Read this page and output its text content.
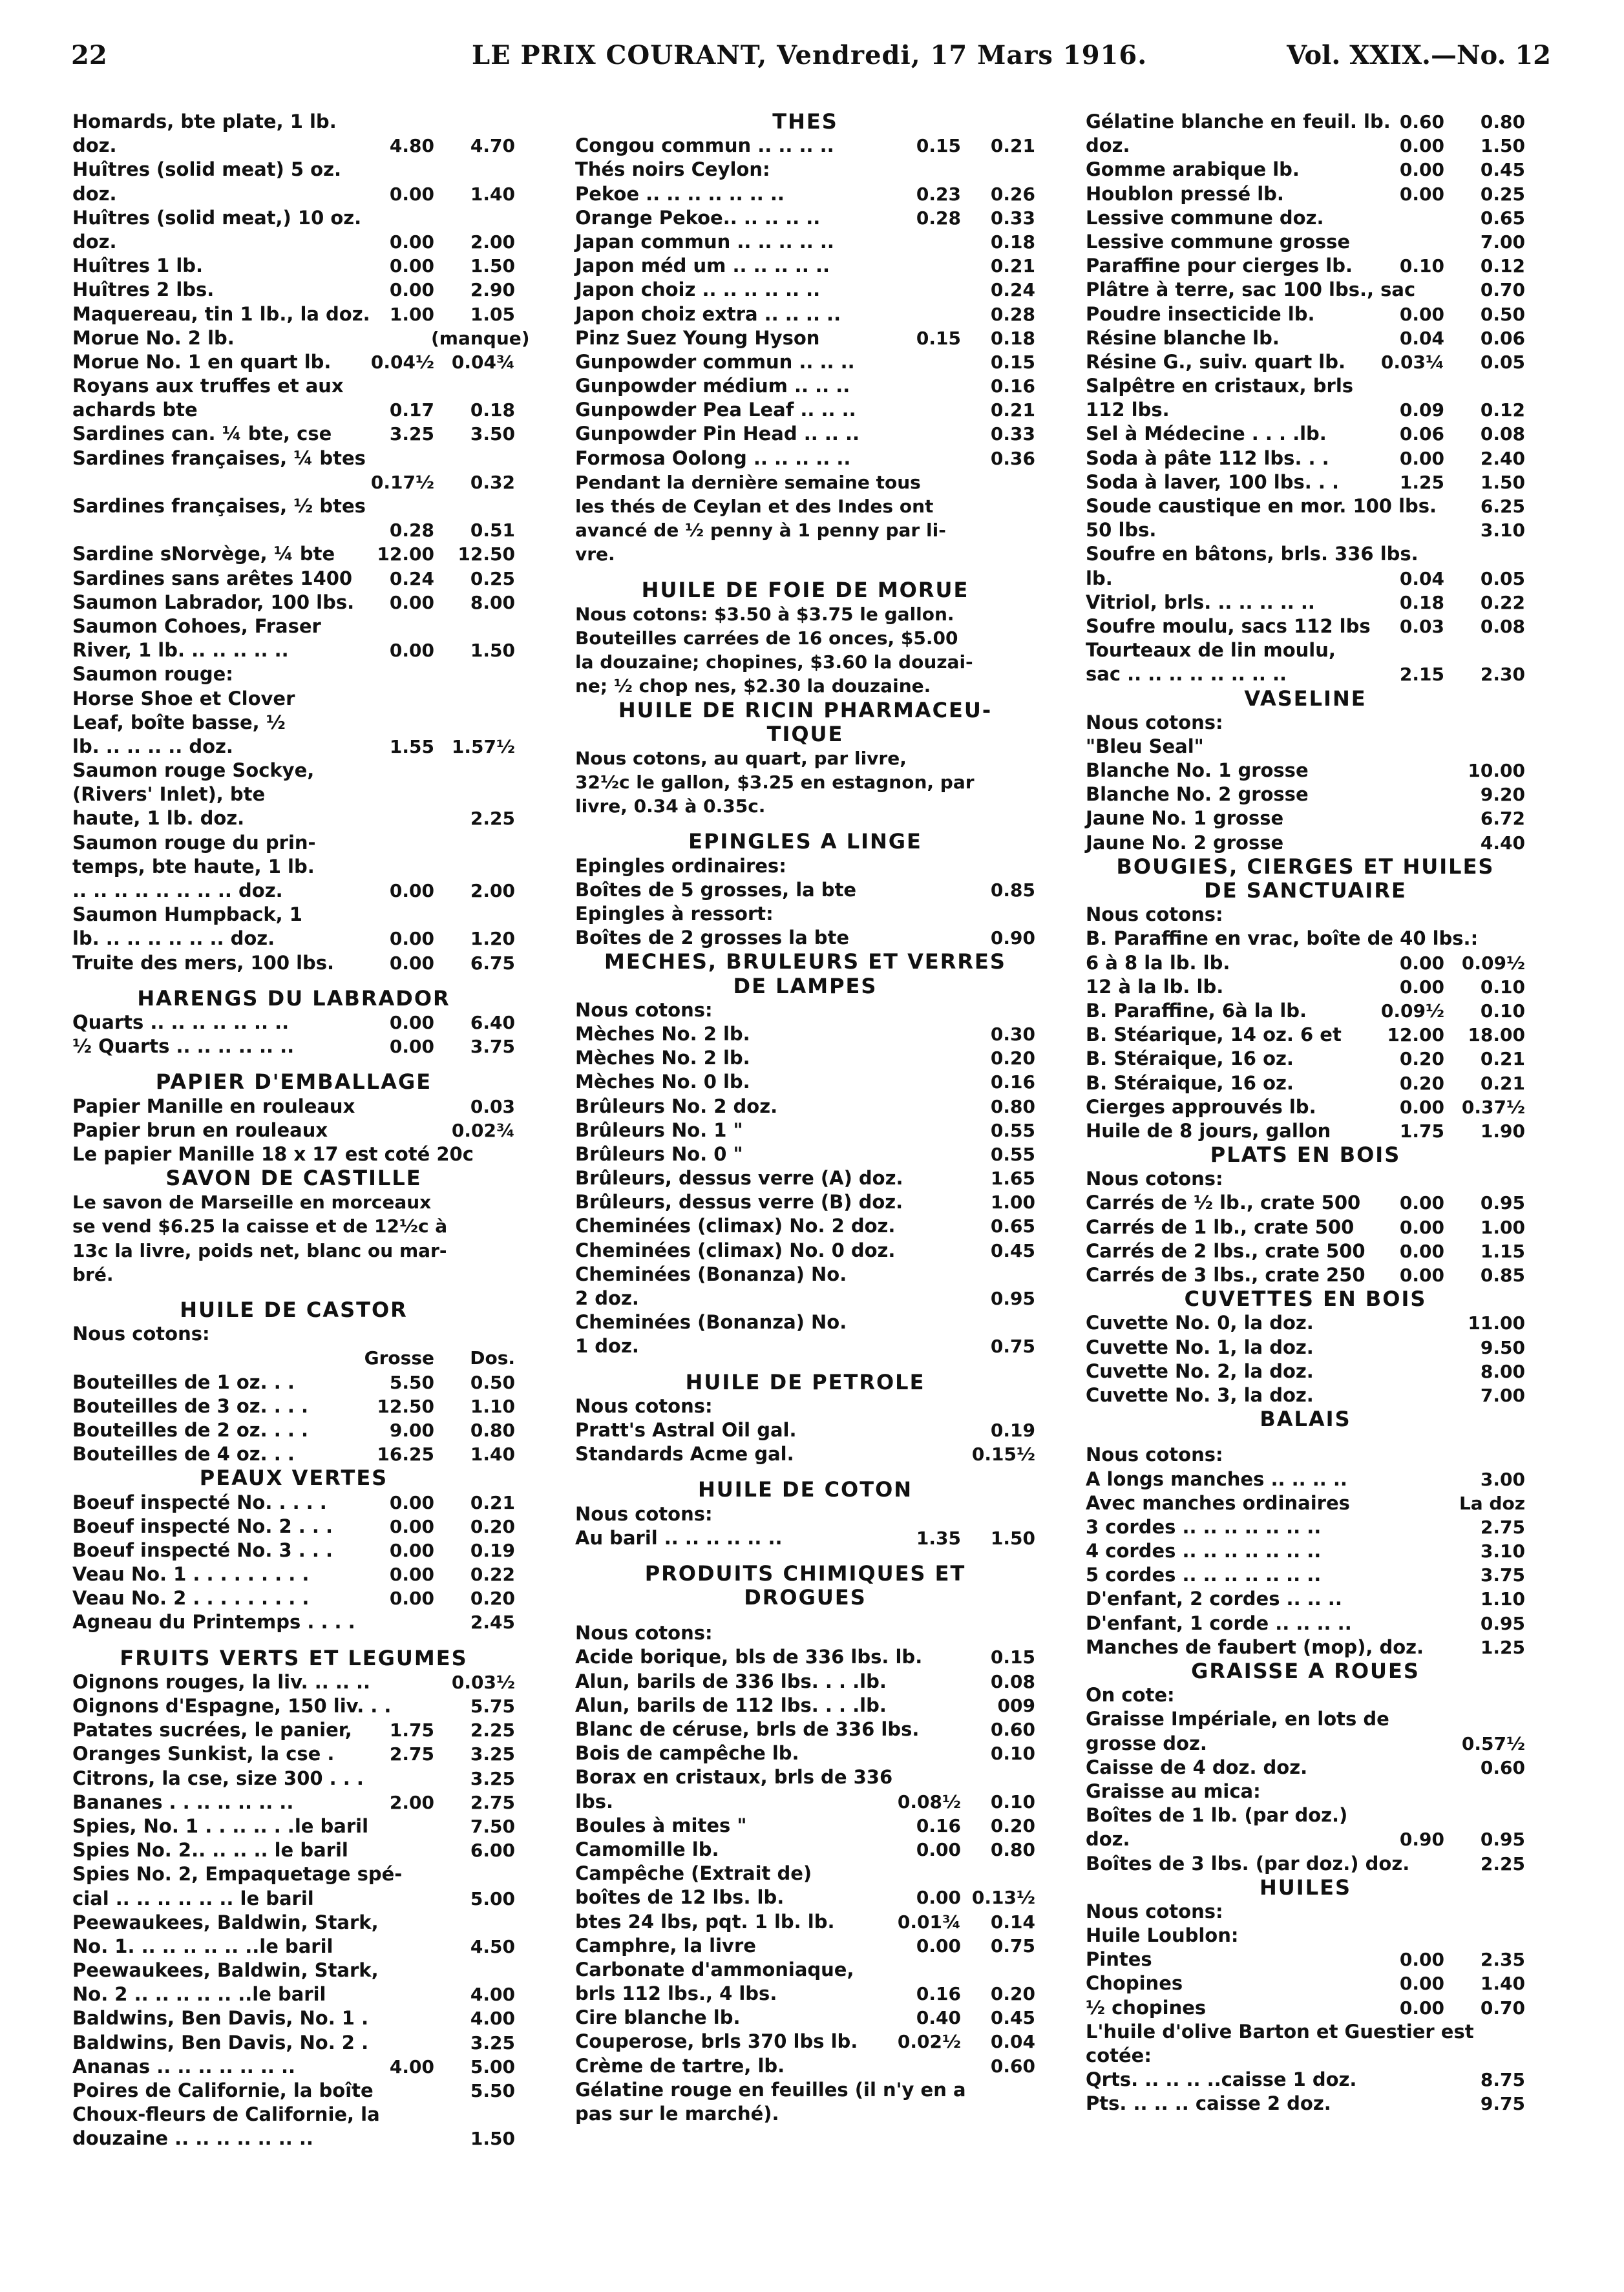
22	LE PRIX COURANT, Vendredi, 17 Mars 1916.	Vol. XXIX.—No. 12
Homards, bte plate, 1 lb.
doz.	4.80	4.70
Huîtres (solid meat) 5 oz.
doz.	0.00	1.40
Huîtres (solid meat,) 10 oz.
doz.	0.00	2.00
Huîtres 1 lb.	0.00	1.50
Huîtres 2 lbs.	0.00	2.90
Maquereau, tin 1 lb., la doz.	1.00	1.05
Morue No. 2 lb.	(manque)
Morue No. 1 en quart lb.	0.04½ 0.04¾
Royans aux truffes et aux
achards bte	0.17	0.18
Sardines can. ¼ bte, cse	3.25	3.50
Sardines françaises, ¼ btes
0.17½	0.32
Sardines françaises, ½ btes
0.28	0.51
Sardine sNorvège, ¼ bte	12.00	12.50
Sardines sans arêtes 1400	0.24	0.25
Saumon Labrador, 100 lbs.	0.00	8.00
Saumon Cohoes, Fraser
River, 1 lb. .. .. .. .. ..	0.00	1.50
Saumon rouge:
Horse Shoe et Clover
Leaf, boîte basse, ½
lb. .. .. .. .. doz.	1.55 1.57½
Saumon rouge Sockye,
(Rivers' Inlet), bte
haute, 1 lb. doz.	2.25
Saumon rouge du prin-
temps, bte haute, 1 lb.
.. .. .. .. .. .. .. .. doz.	0.00	2.00
Saumon Humpback, 1
lb. .. .. .. .. .. .. doz.	0.00	1.20
Truite des mers, 100 lbs.	0.00	6.75
HARENGS DU LABRADOR
Quarts .. .. .. .. .. .. ..	0.00	6.40
½ Quarts .. .. .. .. .. ..	0.00	3.75
PAPIER D'EMBALLAGE
Papier Manille en rouleaux	0.03
Papier brun en rouleaux	0.02¾
Le papier Manille 18 x 17 est coté 20c
SAVON DE CASTILLE
Le savon de Marseille en morceaux
se vend $6.25 la caisse et de 12½c à
13c la livre, poids net, blanc ou mar-
bré.
HUILE DE CASTOR
Nous cotons:
Grosse	Dos.
Bouteilles de 1 oz. . .	5.50	0.50
Bouteilles de 3 oz. . . .	12.50	1.10
Bouteilles de 2 oz. . . .	9.00	0.80
Bouteilles de 4 oz. . .	16.25	1.40
PEAUX VERTES
Boeuf inspecté No. . . . .	0.00	0.21
Boeuf inspecté No. 2 . . .	0.00	0.20
Boeuf inspecté No. 3 . . .	0.00	0.19
Veau No. 1 . . . . . . . . .	0.00	0.22
Veau No. 2 . . . . . . . . .	0.00	0.20
Agneau du Printemps . . . .	2.45
FRUITS VERTS ET LEGUMES
Oignons rouges, la liv. .. .. ..	0.03½
Oignons d'Espagne, 150 liv. . .	5.75
Patates sucrées, le panier,	1.75	2.25
Oranges Sunkist, la cse .	2.75	3.25
Citrons, la cse, size 300 . . .	3.25
Bananes . . .. .. .. .. ..	2.00	2.75
Spies, No. 1 . . .. .. . .le baril	7.50
Spies No. 2.. .. .. .. le baril	6.00
Spies No. 2, Empaquetage spé-
cial .. .. .. .. .. .. le baril	5.00
Peewaukees, Baldwin, Stark,
No. 1. .. .. .. .. .. ..le baril	4.50
Peewaukees, Baldwin, Stark,
No. 2 .. .. .. .. .. ..le baril	4.00
Baldwins, Ben Davis, No. 1 .	4.00
Baldwins, Ben Davis, No. 2 .	3.25
Ananas .. .. .. .. .. .. ..	4.00	5.00
Poires de Californie, la boîte	5.50
Choux-fleurs de Californie, la
douzaine .. .. .. .. .. .. ..	1.50
THES
Congou commun .. .. .. ..	0.15	0.21
Thés noirs Ceylon:
Pekoe .. .. .. .. .. .. ..	0.23	0.26
Orange Pekoe.. .. .. .. ..	0.28	0.33
Japan commun .. .. .. .. ..	0.18
Japon méd um .. .. .. .. ..	0.21
Japon choiz .. .. .. .. .. ..	0.24
Japon choiz extra .. .. .. ..	0.28
Pinz Suez Young Hyson	0.15	0.18
Gunpowder commun .. .. ..	0.15
Gunpowder médium .. .. ..	0.16
Gunpowder Pea Leaf .. .. ..	0.21
Gunpowder Pin Head .. .. ..	0.33
Formosa Oolong .. .. .. .. ..	0.36
Pendant la dernière semaine tous
les thés de Ceylan et des Indes ont
avancé de ½ penny à 1 penny par li-
vre.
HUILE DE FOIE DE MORUE
Nous cotons: $3.50 à $3.75 le gallon.
Bouteilles carrées de 16 onces, $5.00
la douzaine; chopines, $3.60 la douzai-
ne; ½ chop nes, $2.30 la douzaine.
HUILE DE RICIN PHARMACEU-
TIQUE
Nous cotons, au quart, par livre,
32½c le gallon, $3.25 en estagnon, par
livre, 0.34 à 0.35c.
EPINGLES A LINGE
Epingles ordinaires:
Boîtes de 5 grosses, la bte	0.85
Epingles à ressort:
Boîtes de 2 grosses la bte	0.90
MECHES, BRULEURS ET VERRES
DE LAMPES
Nous cotons:
Mèches No. 2 lb.	0.30
Mèches No. 2 lb.	0.20
Mèches No. 0 lb.	0.16
Brûleurs No. 2 doz.	0.80
Brûleurs No. 1 "	0.55
Brûleurs No. 0 "	0.55
Brûleurs, dessus verre (A) doz.	1.65
Brûleurs, dessus verre (B) doz.	1.00
Cheminées (climax) No. 2 doz.	0.65
Cheminées (climax) No. 0 doz.	0.45
Cheminées (Bonanza) No.
2 doz.	0.95
Cheminées (Bonanza) No.
1 doz.	0.75
HUILE DE PETROLE
Nous cotons:
Pratt's Astral Oil gal.	0.19
Standards Acme gal.	0.15½
HUILE DE COTON
Nous cotons:
Au baril .. .. .. .. .. ..	1.35	1.50
PRODUITS CHIMIQUES ET
DROGUES
Nous cotons:
Acide borique, bls de 336 lbs. lb.	0.15
Alun, barils de 336 lbs. . . .lb.	0.08
Alun, barils de 112 lbs. . . .lb.	009
Blanc de céruse, brls de 336 lbs.	0.60
Bois de campêche lb.	0.10
Borax en cristaux, brls de 336
lbs.	0.08½	0.10
Boules à mites "	0.16	0.20
Camomille lb.	0.00	0.80
Campêche (Extrait de)
boîtes de 12 lbs. lb.	0.00 0.13½
btes 24 lbs, pqt. 1 lb. lb.	0.01¾	0.14
Camphre, la livre	0.00	0.75
Carbonate d'ammoniaque,
brls 112 lbs., 4 lbs.	0.16	0.20
Cire blanche lb.	0.40	0.45
Couperose, brls 370 lbs lb.	0.02½	0.04
Crème de tartre, lb.	0.60
Gélatine rouge en feuilles (il n'y en a
pas sur le marché).
Gélatine blanche en feuil. lb. 0.60	0.80
doz.	0.00	1.50
Gomme arabique lb.	0.00	0.45
Houblon pressé lb.	0.00	0.25
Lessive commune doz.	0.65
Lessive commune grosse	7.00
Paraffine pour cierges lb.	0.10	0.12
Plâtre à terre, sac 100 lbs., sac	0.70
Poudre insecticide lb.	0.00	0.50
Résine blanche lb.	0.04	0.06
Résine G., suiv. quart lb.	0.03¼	0.05
Salpêtre en cristaux, brls
112 lbs.	0.09	0.12
Sel à Médecine . . . .lb.	0.06	0.08
Soda à pâte 112 lbs. . .	0.00	2.40
Soda à laver, 100 lbs. . .	1.25	1.50
Soude caustique en mor. 100 lbs.	6.25
50 lbs.	3.10
Soufre en bâtons, brls. 336 lbs.
lb.	0.04	0.05
Vitriol, brls. .. .. .. .. ..	0.18	0.22
Soufre moulu, sacs 112 lbs	0.03	0.08
Tourteaux de lin moulu,
sac .. .. .. .. .. .. .. ..	2.15	2.30
VASELINE
Nous cotons:
"Bleu Seal"
Blanche No. 1 grosse	10.00
Blanche No. 2 grosse	9.20
Jaune No. 1 grosse	6.72
Jaune No. 2 grosse	4.40
BOUGIES, CIERGES ET HUILES
DE SANCTUAIRE
Nous cotons:
B. Paraffine en vrac, boîte de 40 lbs.:
6 à 8 la lb. lb.	0.00 0.09½
12 à la lb. lb.	0.00	0.10
B. Paraffine, 6à la lb.	0.09½	0.10
B. Stéarique, 14 oz. 6 et	12.00	18.00
B. Stéraique, 16 oz.	0.20	0.21
B. Stéraique, 16 oz.	0.20	0.21
Cierges approuvés lb.	0.00 0.37½
Huile de 8 jours, gallon	1.75	1.90
PLATS EN BOIS
Nous cotons:
Carrés de ½ lb., crate 500	0.00	0.95
Carrés de 1 lb., crate 500	0.00	1.00
Carrés de 2 lbs., crate 500	0.00	1.15
Carrés de 3 lbs., crate 250	0.00	0.85
CUVETTES EN BOIS
Cuvette No. 0, la doz.	11.00
Cuvette No. 1, la doz.	9.50
Cuvette No. 2, la doz.	8.00
Cuvette No. 3, la doz.	7.00
BALAIS
Nous cotons:
A longs manches .. .. .. ..	3.00
Avec manches ordinaires	La doz
3 cordes .. .. .. .. .. .. ..	2.75
4 cordes .. .. .. .. .. .. ..	3.10
5 cordes .. .. .. .. .. .. ..	3.75
D'enfant, 2 cordes .. .. ..	1.10
D'enfant, 1 corde .. .. .. ..	0.95
Manches de faubert (mop), doz.	1.25
GRAISSE A ROUES
On cote:
Graisse Impériale, en lots de
grosse doz.	0.57½
Caisse de 4 doz. doz.	0.60
Graisse au mica:
Boîtes de 1 lb. (par doz.)
doz.	0.90	0.95
Boîtes de 3 lbs. (par doz.) doz.	2.25
HUILES
Nous cotons:
Huile Loublon:
Pintes	0.00	2.35
Chopines	0.00	1.40
½ chopines	0.00	0.70
L'huile d'olive Barton et Guestier est
cotée:
Qrts. .. .. .. ..caisse 1 doz.	8.75
Pts. .. .. .. caisse 2 doz.	9.75
